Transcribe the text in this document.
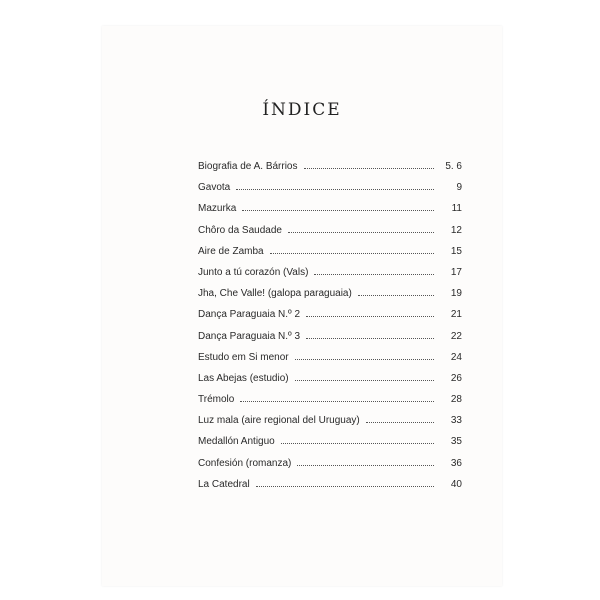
ÍNDICE
Biografia de A. Bárrios	5. 6
Gavota	9
Mazurka	11
Chôro da Saudade	12
Aire de Zamba	15
Junto a tú corazón (Vals)	17
Jha, Che Valle! (galopa paraguaia)	19
Dança Paraguaia N.º 2	21
Dança Paraguaia N.º 3	22
Estudo em Si menor	24
Las Abejas (estudio)	26
Trémolo	28
Luz mala (aire regional del Uruguay)	33
Medallón Antiguo	35
Confesión (romanza)	36
La Catedral	40
